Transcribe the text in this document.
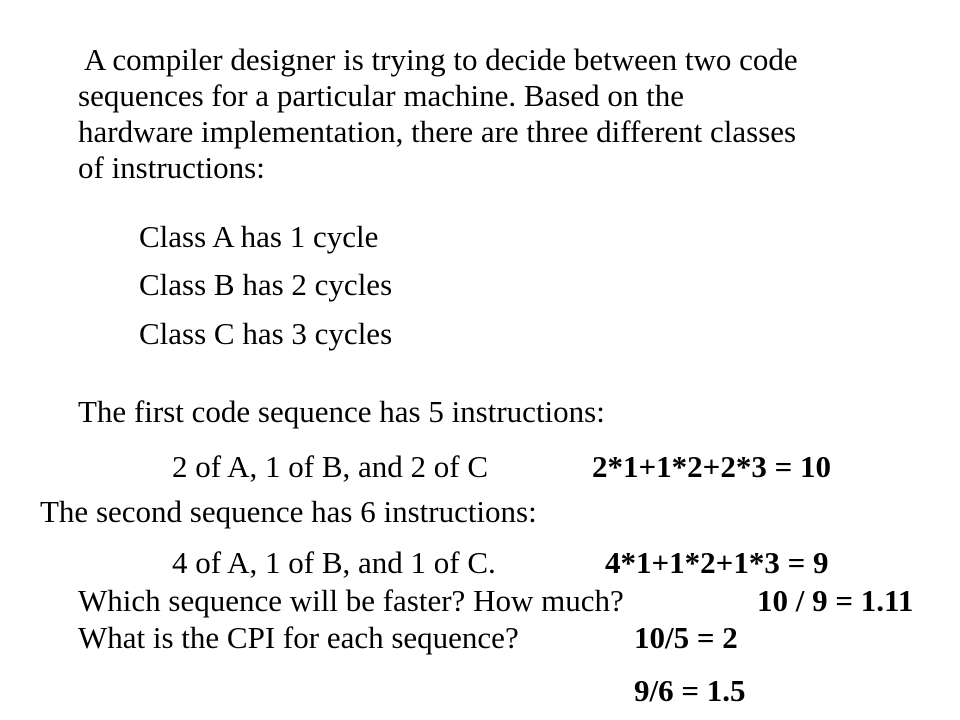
A compiler designer is trying to decide between two code
sequences for a particular machine. Based on the
hardware implementation, there are three different classes
of instructions:
Class A has 1 cycle
Class B has 2 cycles
Class C has 3 cycles
The first code sequence has 5 instructions:
2 of A, 1 of B, and 2 of C	2*1+1*2+2*3 = 10
The second sequence has 6 instructions:
4 of A, 1 of B, and 1 of C.	4*1+1*2+1*3 = 9
Which sequence will be faster? How much?	10 / 9 = 1.11
What is the CPI for each sequence?	10/5 = 2
9/6 = 1.5
